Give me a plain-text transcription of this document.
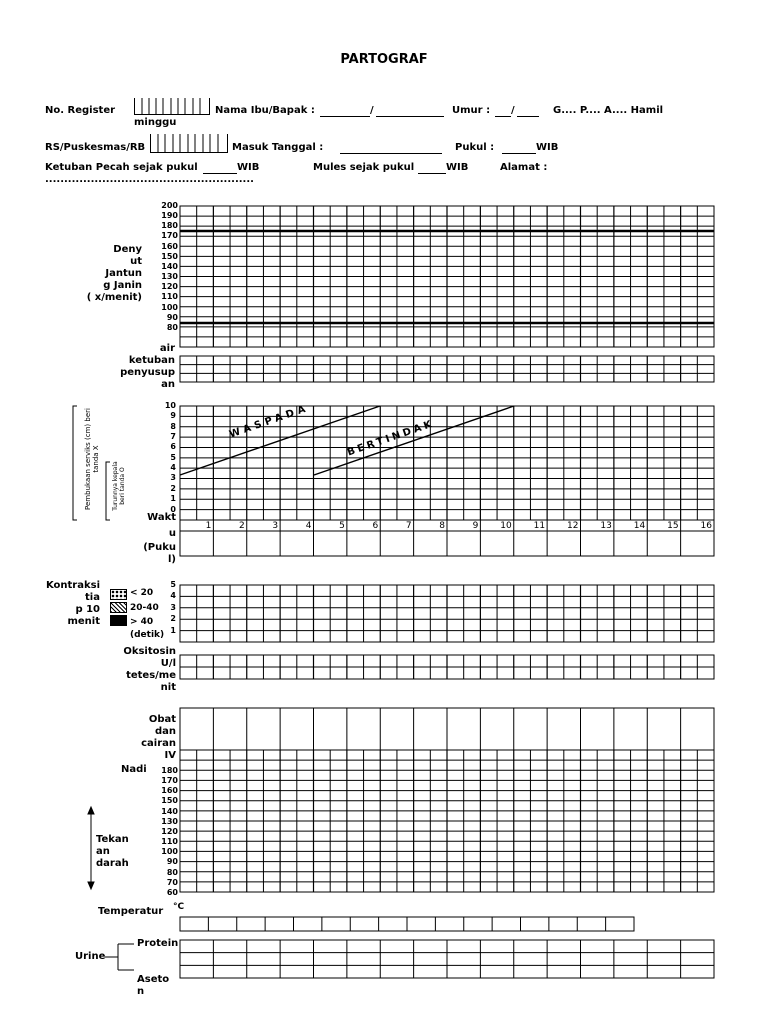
PARTOGRAF
No. Register	Nama Ibu/Bapak :	/	Umur : /	G.... P.... A.... Hamil
minggu
RS/Puskesmas/RB	Masuk Tanggal :	Pukul :	WIB
Ketuban Pecah sejak pukul	WIB	Mules sejak pukul	WIB	Alamat :
.......................................................
WASPADA	BERTINDAK
Deny
ut
Jantun
g Janin
( x/menit)
200
190
180
170
160
150
140
130
120
110
100
90
80
air
ketuban
penyusup
an
Pembukaan serviks (cm) beri tanda X
Turunnya kepala beri tanda O
10
9
8
7
6
5
4
3
2
1
0
Wakt
u
(Puku
l)
1	2	3	4	5	6	7	8	9 10 11 12 13 14 15 16
Kontraksi
tia
p 10
menit
< 20
20-40
> 40
(detik)
5
4
3
2
1
Oksitosin
U/l
tetes/me
nit
Obat
dan
cairan
IV
Nadi	180
170
160
150
140
130
120
110
100
90
80
70
60
Tekan
an
darah
Temperatur °C
Urine
Protein
Aseto
n
